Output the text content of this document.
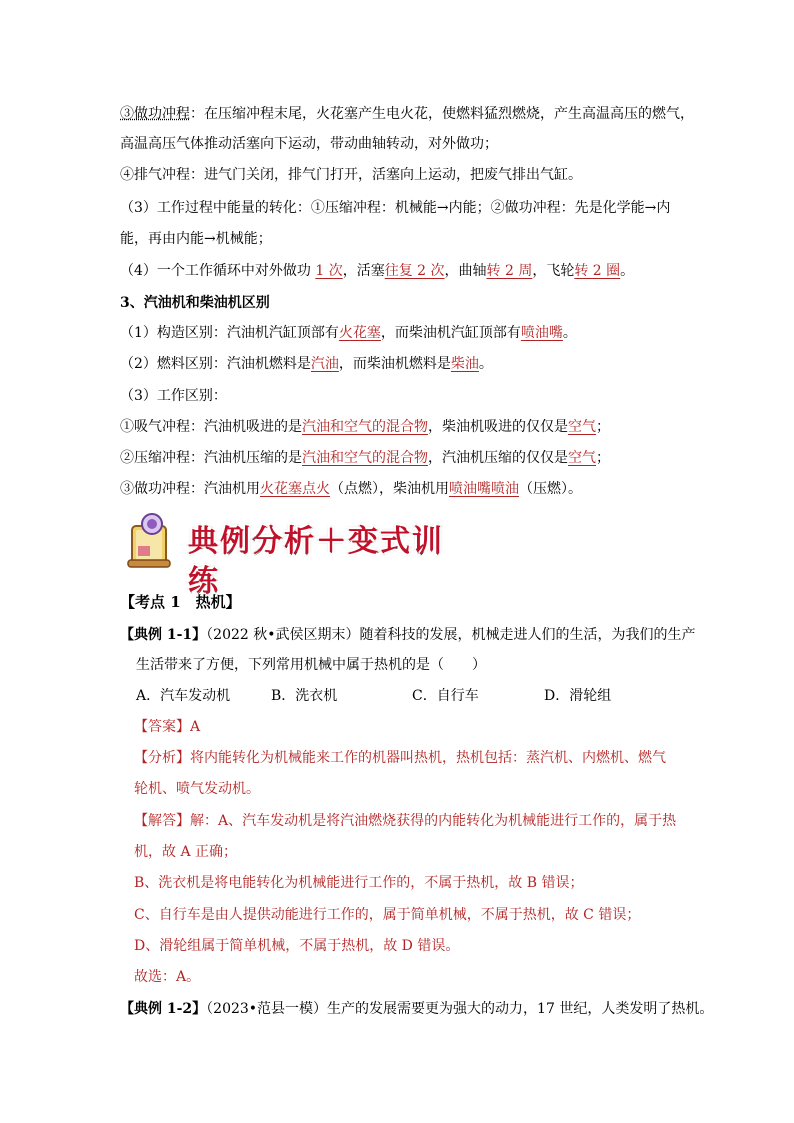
③做功冲程：在压缩冲程末尾，火花塞产生电火花，使燃料猛烈燃烧，产生高温高压的燃气，
高温高压气体推动活塞向下运动，带动曲轴转动，对外做功；
④排气冲程：进气门关闭，排气门打开，活塞向上运动，把废气排出气缸。
（3）工作过程中能量的转化：①压缩冲程：机械能→内能；②做功冲程：先是化学能→内
能，再由内能→机械能；
（4）一个工作循环中对外做功 1 次，活塞往复 2 次，曲轴转 2 周，飞轮转 2 圈。
3、汽油机和柴油机区别
（1）构造区别：汽油机汽缸顶部有火花塞，而柴油机汽缸顶部有喷油嘴。
（2）燃料区别：汽油机燃料是汽油，而柴油机燃料是柴油。
（3）工作区别：
①吸气冲程：汽油机吸进的是汽油和空气的混合物，柴油机吸进的仅仅是空气；
②压缩冲程：汽油机压缩的是汽油和空气的混合物，汽油机压缩的仅仅是空气；
③做功冲程：汽油机用火花塞点火（点燃），柴油机用喷油嘴喷油（压燃）。
典例分析＋变式训练
【考点 1　热机】
【典例 1-1】（2022 秋•武侯区期末）随着科技的发展，机械走进人们的生活，为我们的生产
生活带来了方便，下列常用机械中属于热机的是（　　）
A．汽车发动机	B．洗衣机	C．自行车	D．滑轮组
【答案】A
【分析】将内能转化为机械能来工作的机器叫热机，热机包括：蒸汽机、内燃机、燃气
轮机、喷气发动机。
【解答】解：A、汽车发动机是将汽油燃烧获得的内能转化为机械能进行工作的，属于热
机，故 A 正确；
B、洗衣机是将电能转化为机械能进行工作的，不属于热机，故 B 错误；
C、自行车是由人提供动能进行工作的，属于简单机械，不属于热机，故 C 错误；
D、滑轮组属于简单机械，不属于热机，故 D 错误。
故选：A。
【典例 1-2】（2023•范县一模）生产的发展需要更为强大的动力，17 世纪，人类发明了热机。
